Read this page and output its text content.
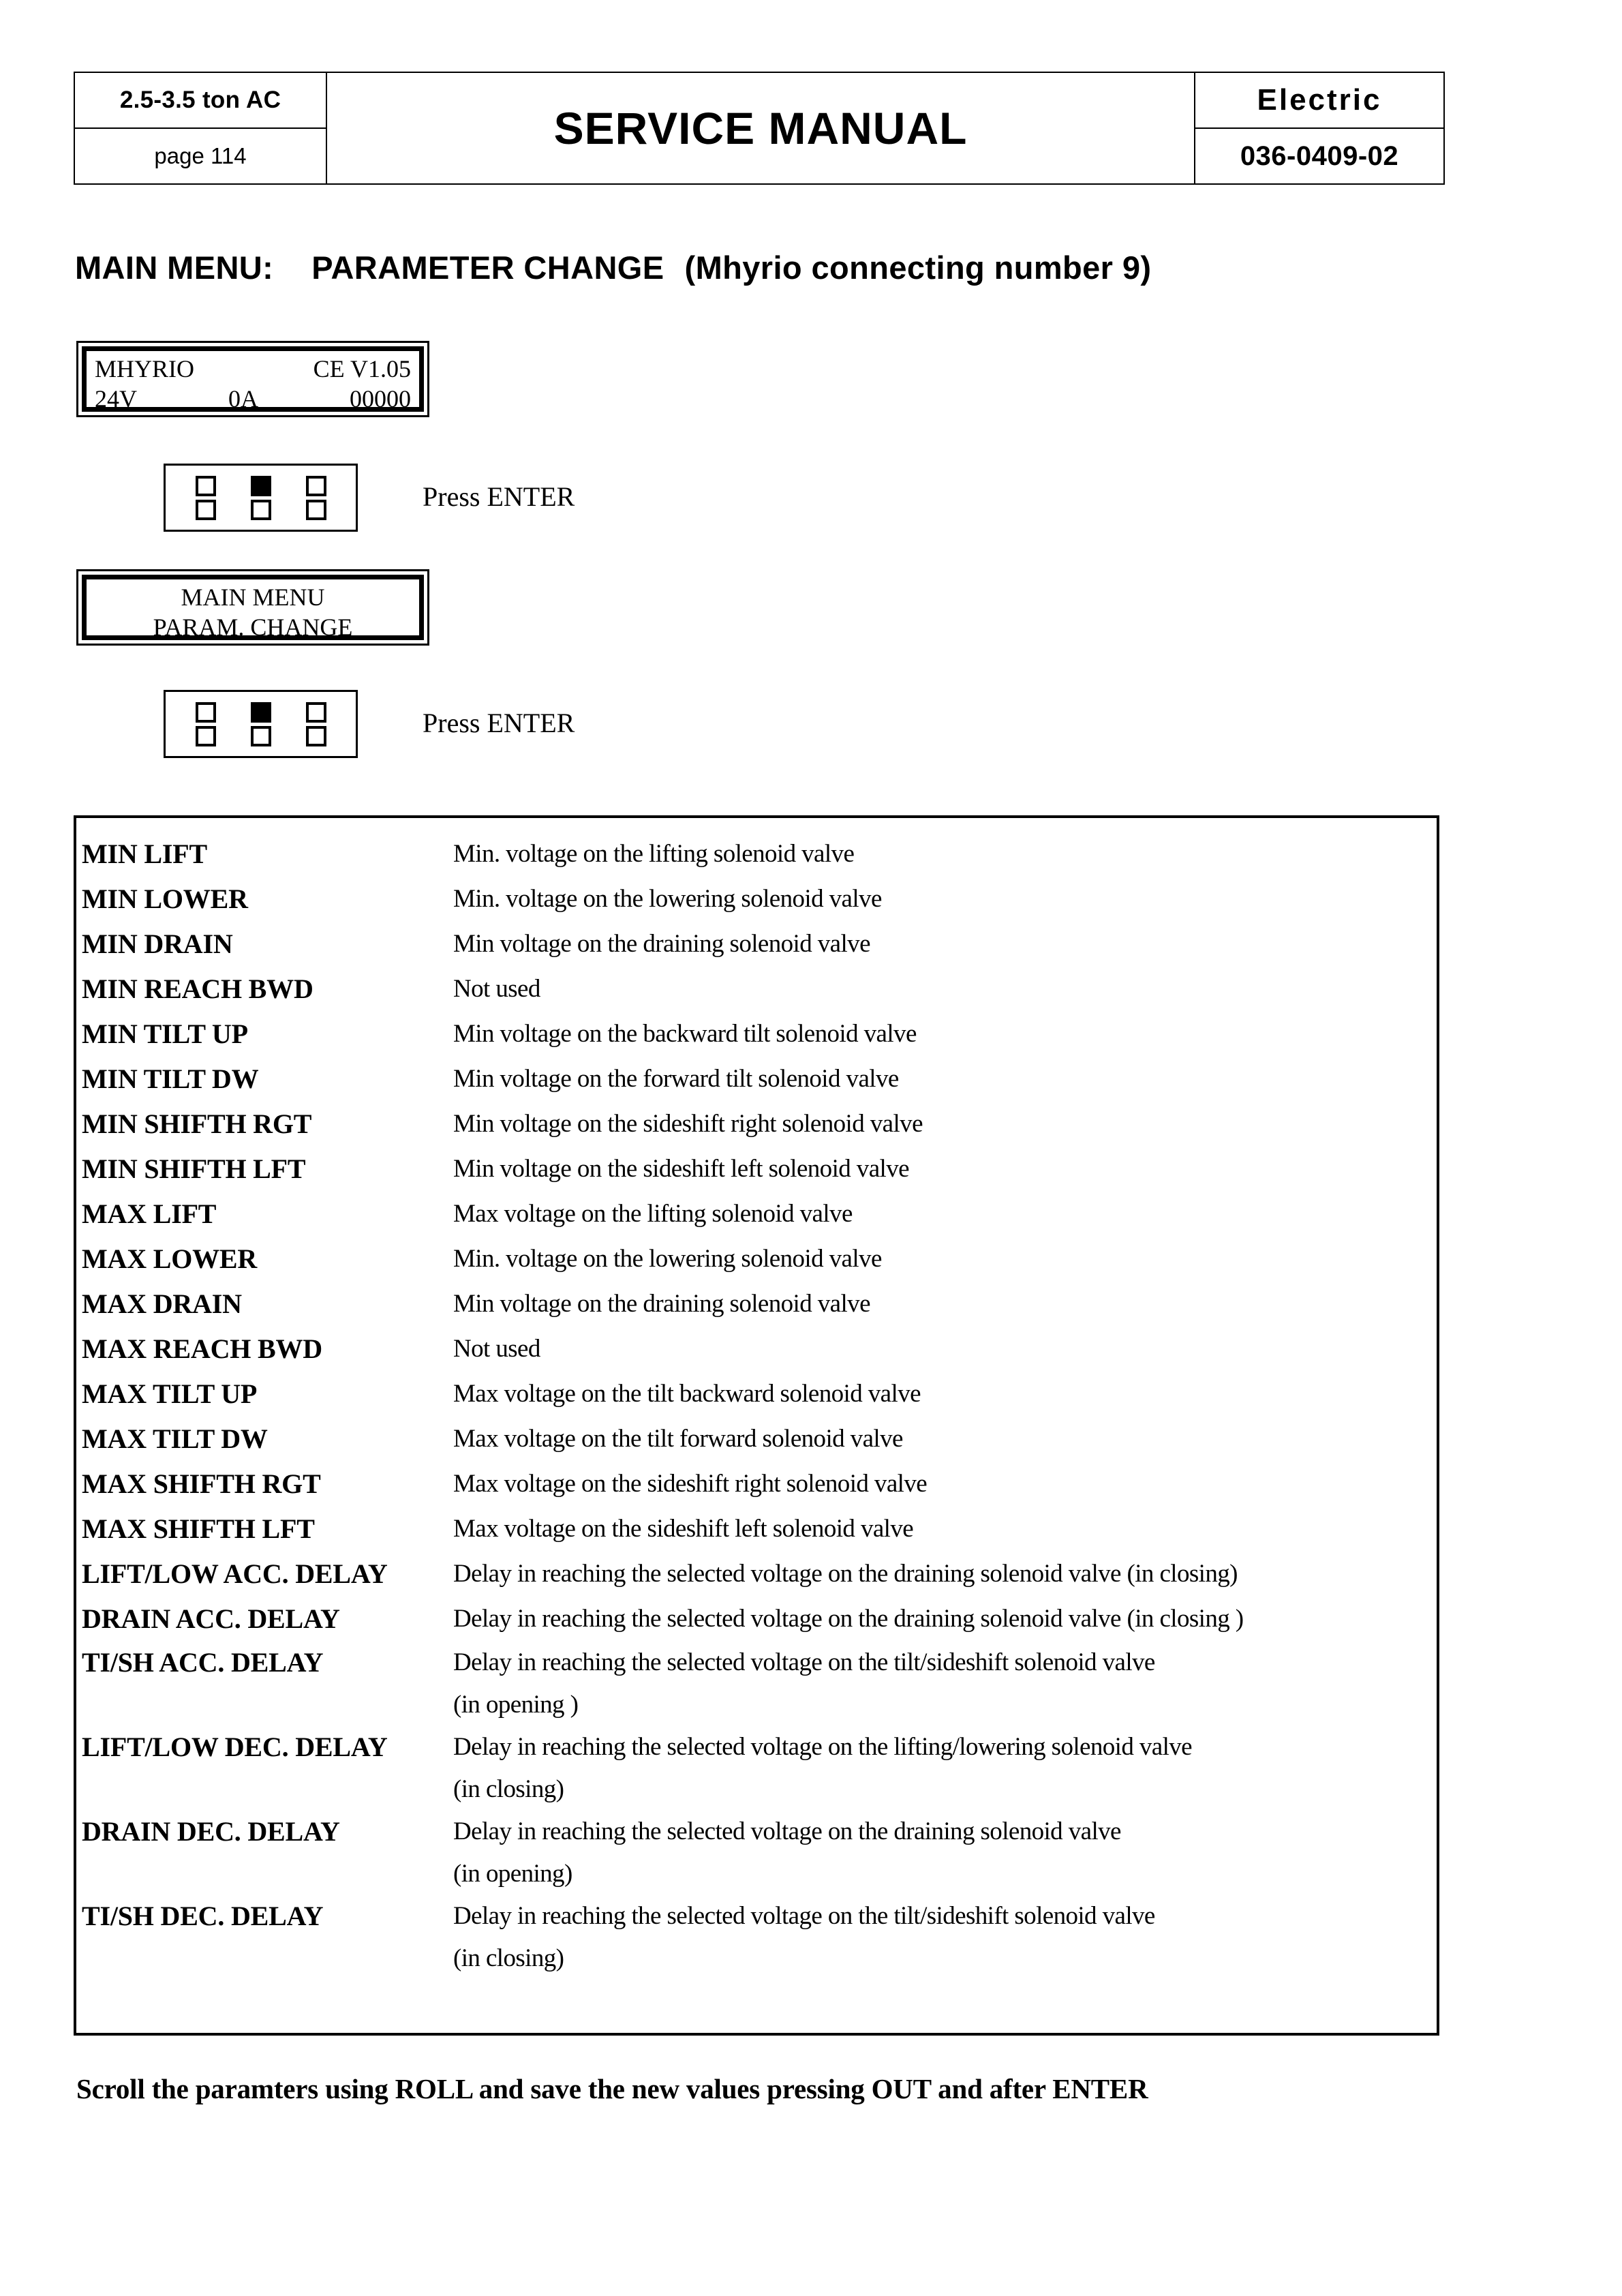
2.5-3.5 ton AC	SERVICE MANUAL	Electric
page 114		036-0409-02
MAIN MENU: PARAMETER CHANGE (Mhyrio connecting number 9)
MHYRIO	CE V1.05
24V	0A	00000
Press ENTER
MAIN MENU
PARAM. CHANGE
Press ENTER
MIN LIFT	Min. voltage on the lifting solenoid valve

MIN LOWER	Min. voltage on the lowering solenoid valve

MIN DRAIN	Min voltage on the draining solenoid valve

MIN REACH BWD	Not used

MIN TILT UP	Min voltage on the backward tilt solenoid valve

MIN TILT DW	Min voltage on the forward tilt solenoid valve

MIN SHIFTH RGT	Min voltage on the sideshift right solenoid valve

MIN SHIFTH LFT	Min voltage on the sideshift left solenoid valve

MAX LIFT	Max voltage on the lifting solenoid valve

MAX LOWER	Min. voltage on the lowering solenoid valve

MAX DRAIN	Min voltage on the draining solenoid valve

MAX REACH BWD	Not used

MAX TILT UP	Max voltage on the tilt backward solenoid valve

MAX TILT DW	Max voltage on the tilt forward solenoid valve

MAX SHIFTH RGT	Max voltage on the sideshift right solenoid valve

MAX SHIFTH LFT	Max voltage on the sideshift left solenoid valve

LIFT/LOW ACC. DELAY	Delay in reaching the selected voltage on the draining solenoid valve (in closing)

DRAIN ACC. DELAY	Delay in reaching the selected voltage on the draining solenoid valve (in closing )

TI/SH ACC. DELAY	Delay in reaching the selected voltage on the tilt/sideshift solenoid valve
(in opening )

LIFT/LOW DEC. DELAY	Delay in reaching the selected voltage on the lifting/lowering solenoid valve
(in closing)

DRAIN DEC. DELAY	Delay in reaching the selected voltage on the draining solenoid valve
(in opening)

TI/SH DEC. DELAY	Delay in reaching the selected voltage on the tilt/sideshift solenoid valve
(in closing)
Scroll the paramters using ROLL and save the new values pressing OUT and after ENTER
